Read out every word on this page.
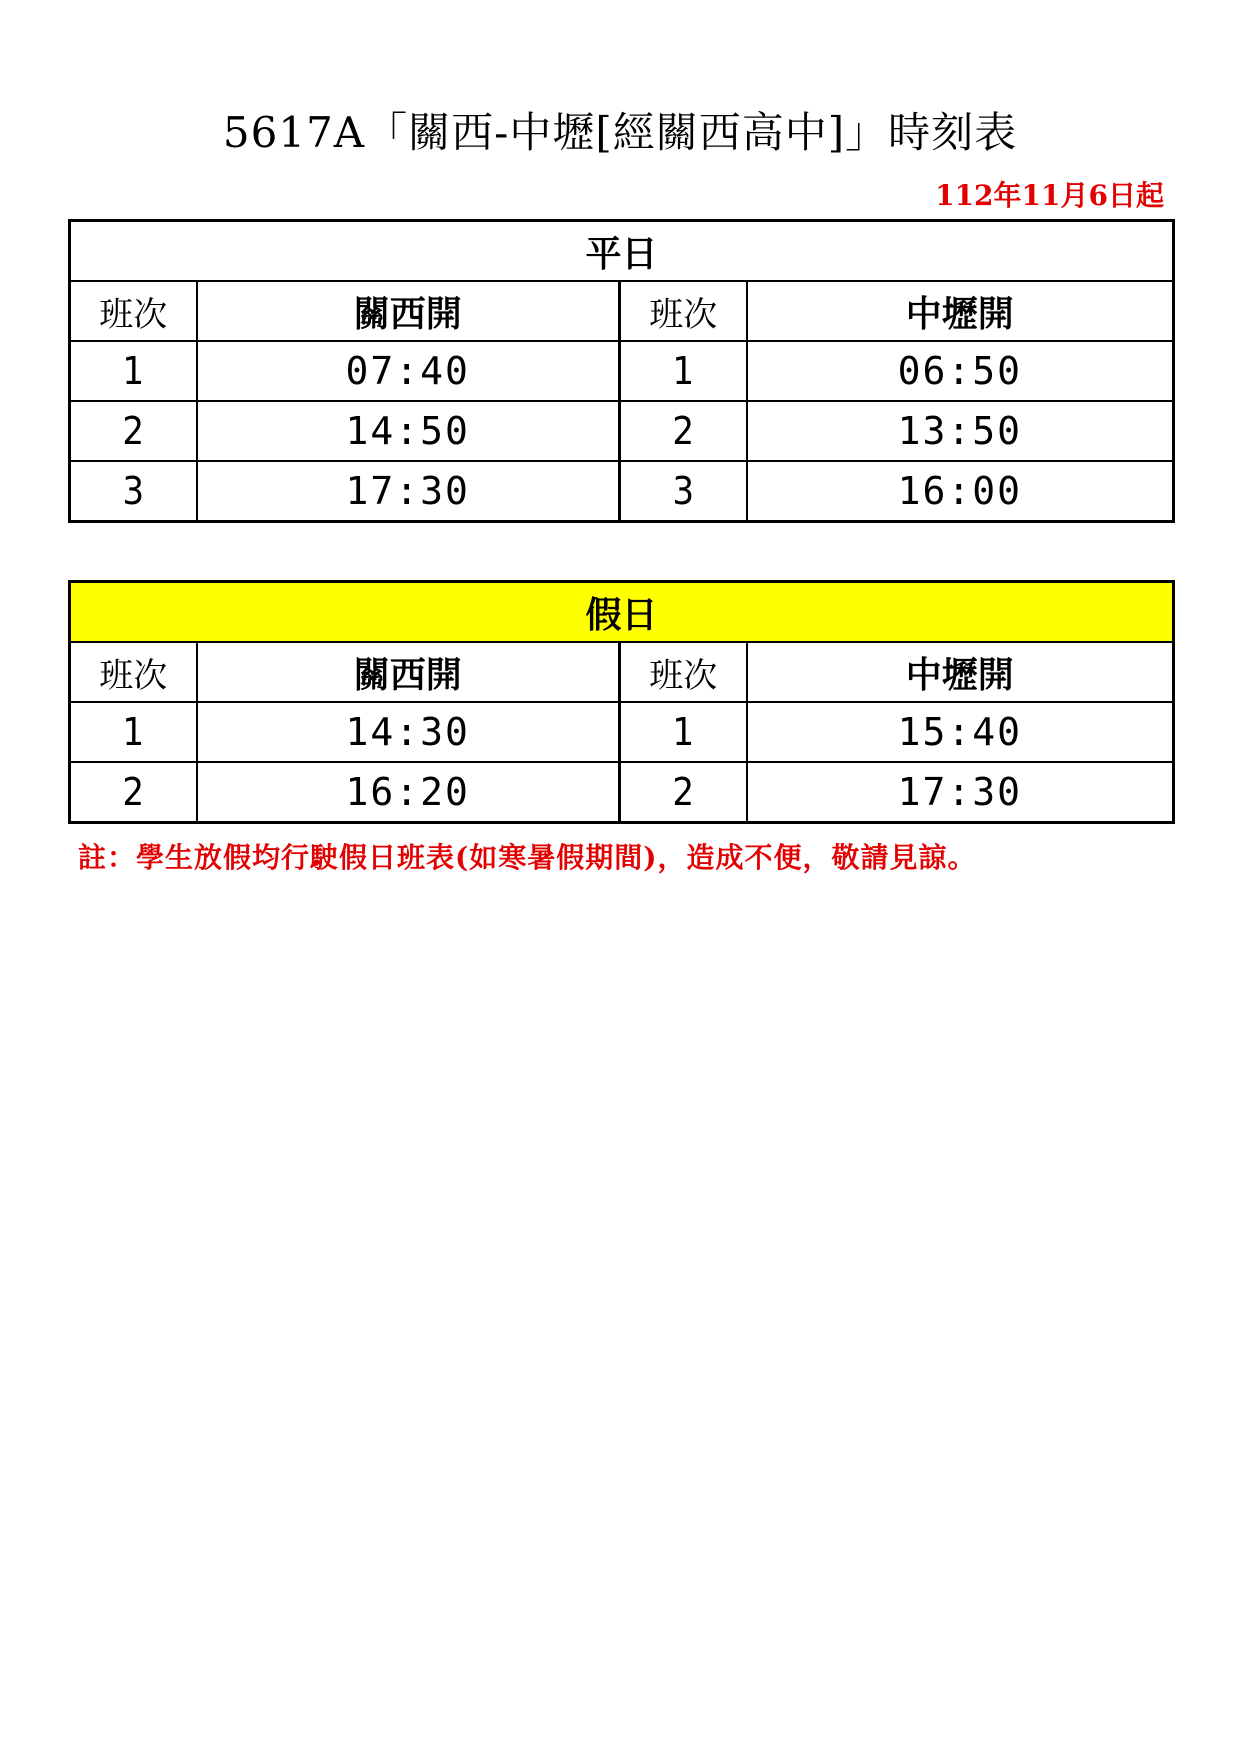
5617A「關西-中壢[經關西高中]」時刻表

112年11月6日起

平日			
班次	關西開	班次	中壢開
1	07:40	1	06:50
2	14:50	2	13:50
3	17:30	3	16:00
假日			
班次	關西開	班次	中壢開
1	14:30	1	15:40
2	16:20	2	17:30

註：學生放假均行駛假日班表(如寒暑假期間)，造成不便，敬請見諒。
